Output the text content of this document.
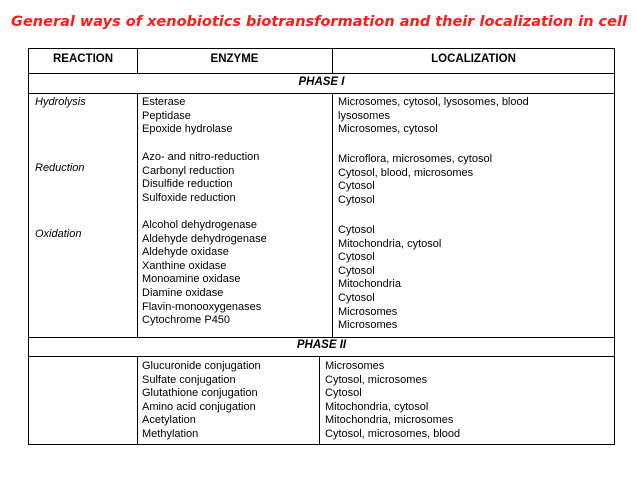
General ways of xenobiotics biotransformation and their localization in cell
REACTION	ENZYME	LOCALIZATION
PHASE I
Hydrolysis
Reduction
Oxidation
Esterase
Peptidase
Epoxide hydrolase
Microsomes, cytosol, lysosomes, blood
lysosomes
Microsomes, cytosol
Azo- and nitro-reduction
Carbonyl reduction
Disulfide reduction
Sulfoxide reduction
Microflora, microsomes, cytosol
Cytosol, blood, microsomes
Cytosol
Cytosol
Alcohol dehydrogenase
Aldehyde dehydrogenase
Aldehyde oxidase
Xanthine oxidase
Monoamine oxidase
Diamine oxidase
Flavin-monooxygenases
Cytochrome P450
Cytosol
Mitochondria, cytosol
Cytosol
Cytosol
Mitochondria
Cytosol
Microsomes
Microsomes
PHASE II
Glucuronide conjugation
Sulfate conjugation
Glutathione conjugation
Amino acid conjugation
Acetylation
Methylation
Microsomes
Cytosol, microsomes
Cytosol
Mitochondria, cytosol
Mitochondria, microsomes
Cytosol, microsomes, blood
